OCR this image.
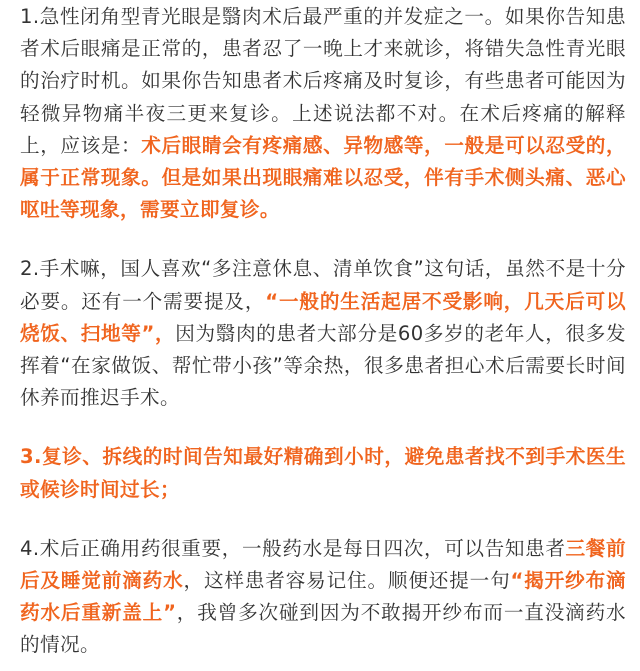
1.急性闭角型青光眼是翳肉术后最严重的并发症之一。如果你告知患者术后眼痛是正常的，患者忍了一晚上才来就诊，将错失急性青光眼的治疗时机。如果你告知患者术后疼痛及时复诊，有些患者可能因为轻微异物痛半夜三更来复诊。上述说法都不对。在术后疼痛的解释上，应该是：术后眼睛会有疼痛感、异物感等，一般是可以忍受的，属于正常现象。但是如果出现眼痛难以忍受，伴有手术侧头痛、恶心呕吐等现象，需要立即复诊。

2.手术嘛，国人喜欢“多注意休息、清单饮食”这句话，虽然不是十分必要。还有一个需要提及，“一般的生活起居不受影响，几天后可以烧饭、扫地等”，因为翳肉的患者大部分是60多岁的老年人，很多发挥着“在家做饭、帮忙带小孩”等余热，很多患者担心术后需要长时间休养而推迟手术。

3.复诊、拆线的时间告知最好精确到小时，避免患者找不到手术医生或候诊时间过长；

4.术后正确用药很重要，一般药水是每日四次，可以告知患者三餐前后及睡觉前滴药水，这样患者容易记住。顺便还提一句“揭开纱布滴药水后重新盖上”，我曾多次碰到因为不敢揭开纱布而一直没滴药水的情况。
